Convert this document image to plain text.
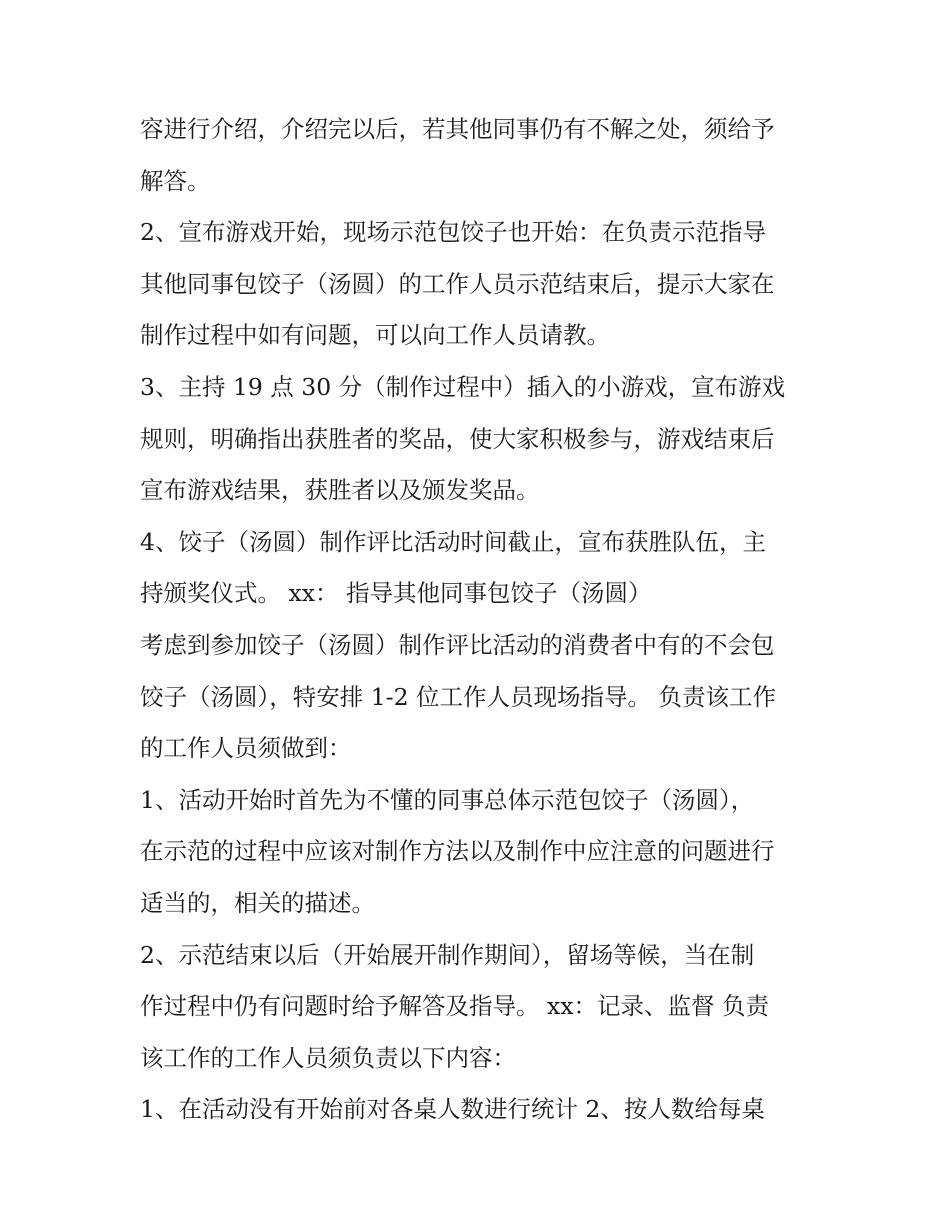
容进行介绍，介绍完以后，若其他同事仍有不解之处，须给予
解答。
2、宣布游戏开始，现场示范包饺子也开始：在负责示范指导
其他同事包饺子（汤圆）的工作人员示范结束后，提示大家在
制作过程中如有问题，可以向工作人员请教。
3、主持 19 点 30 分（制作过程中）插入的小游戏，宣布游戏
规则，明确指出获胜者的奖品，使大家积极参与，游戏结束后
宣布游戏结果，获胜者以及颁发奖品。
4、饺子（汤圆）制作评比活动时间截止，宣布获胜队伍，主
持颁奖仪式。 xx： 指导其他同事包饺子（汤圆）
考虑到参加饺子（汤圆）制作评比活动的消费者中有的不会包
饺子（汤圆），特安排 1-2 位工作人员现场指导。 负责该工作
的工作人员须做到：
1、活动开始时首先为不懂的同事总体示范包饺子（汤圆），
在示范的过程中应该对制作方法以及制作中应注意的问题进行
适当的，相关的描述。
2、示范结束以后（开始展开制作期间），留场等候，当在制
作过程中仍有问题时给予解答及指导。 xx：记录、监督 负责
该工作的工作人员须负责以下内容：
1、在活动没有开始前对各桌人数进行统计 2、按人数给每桌
